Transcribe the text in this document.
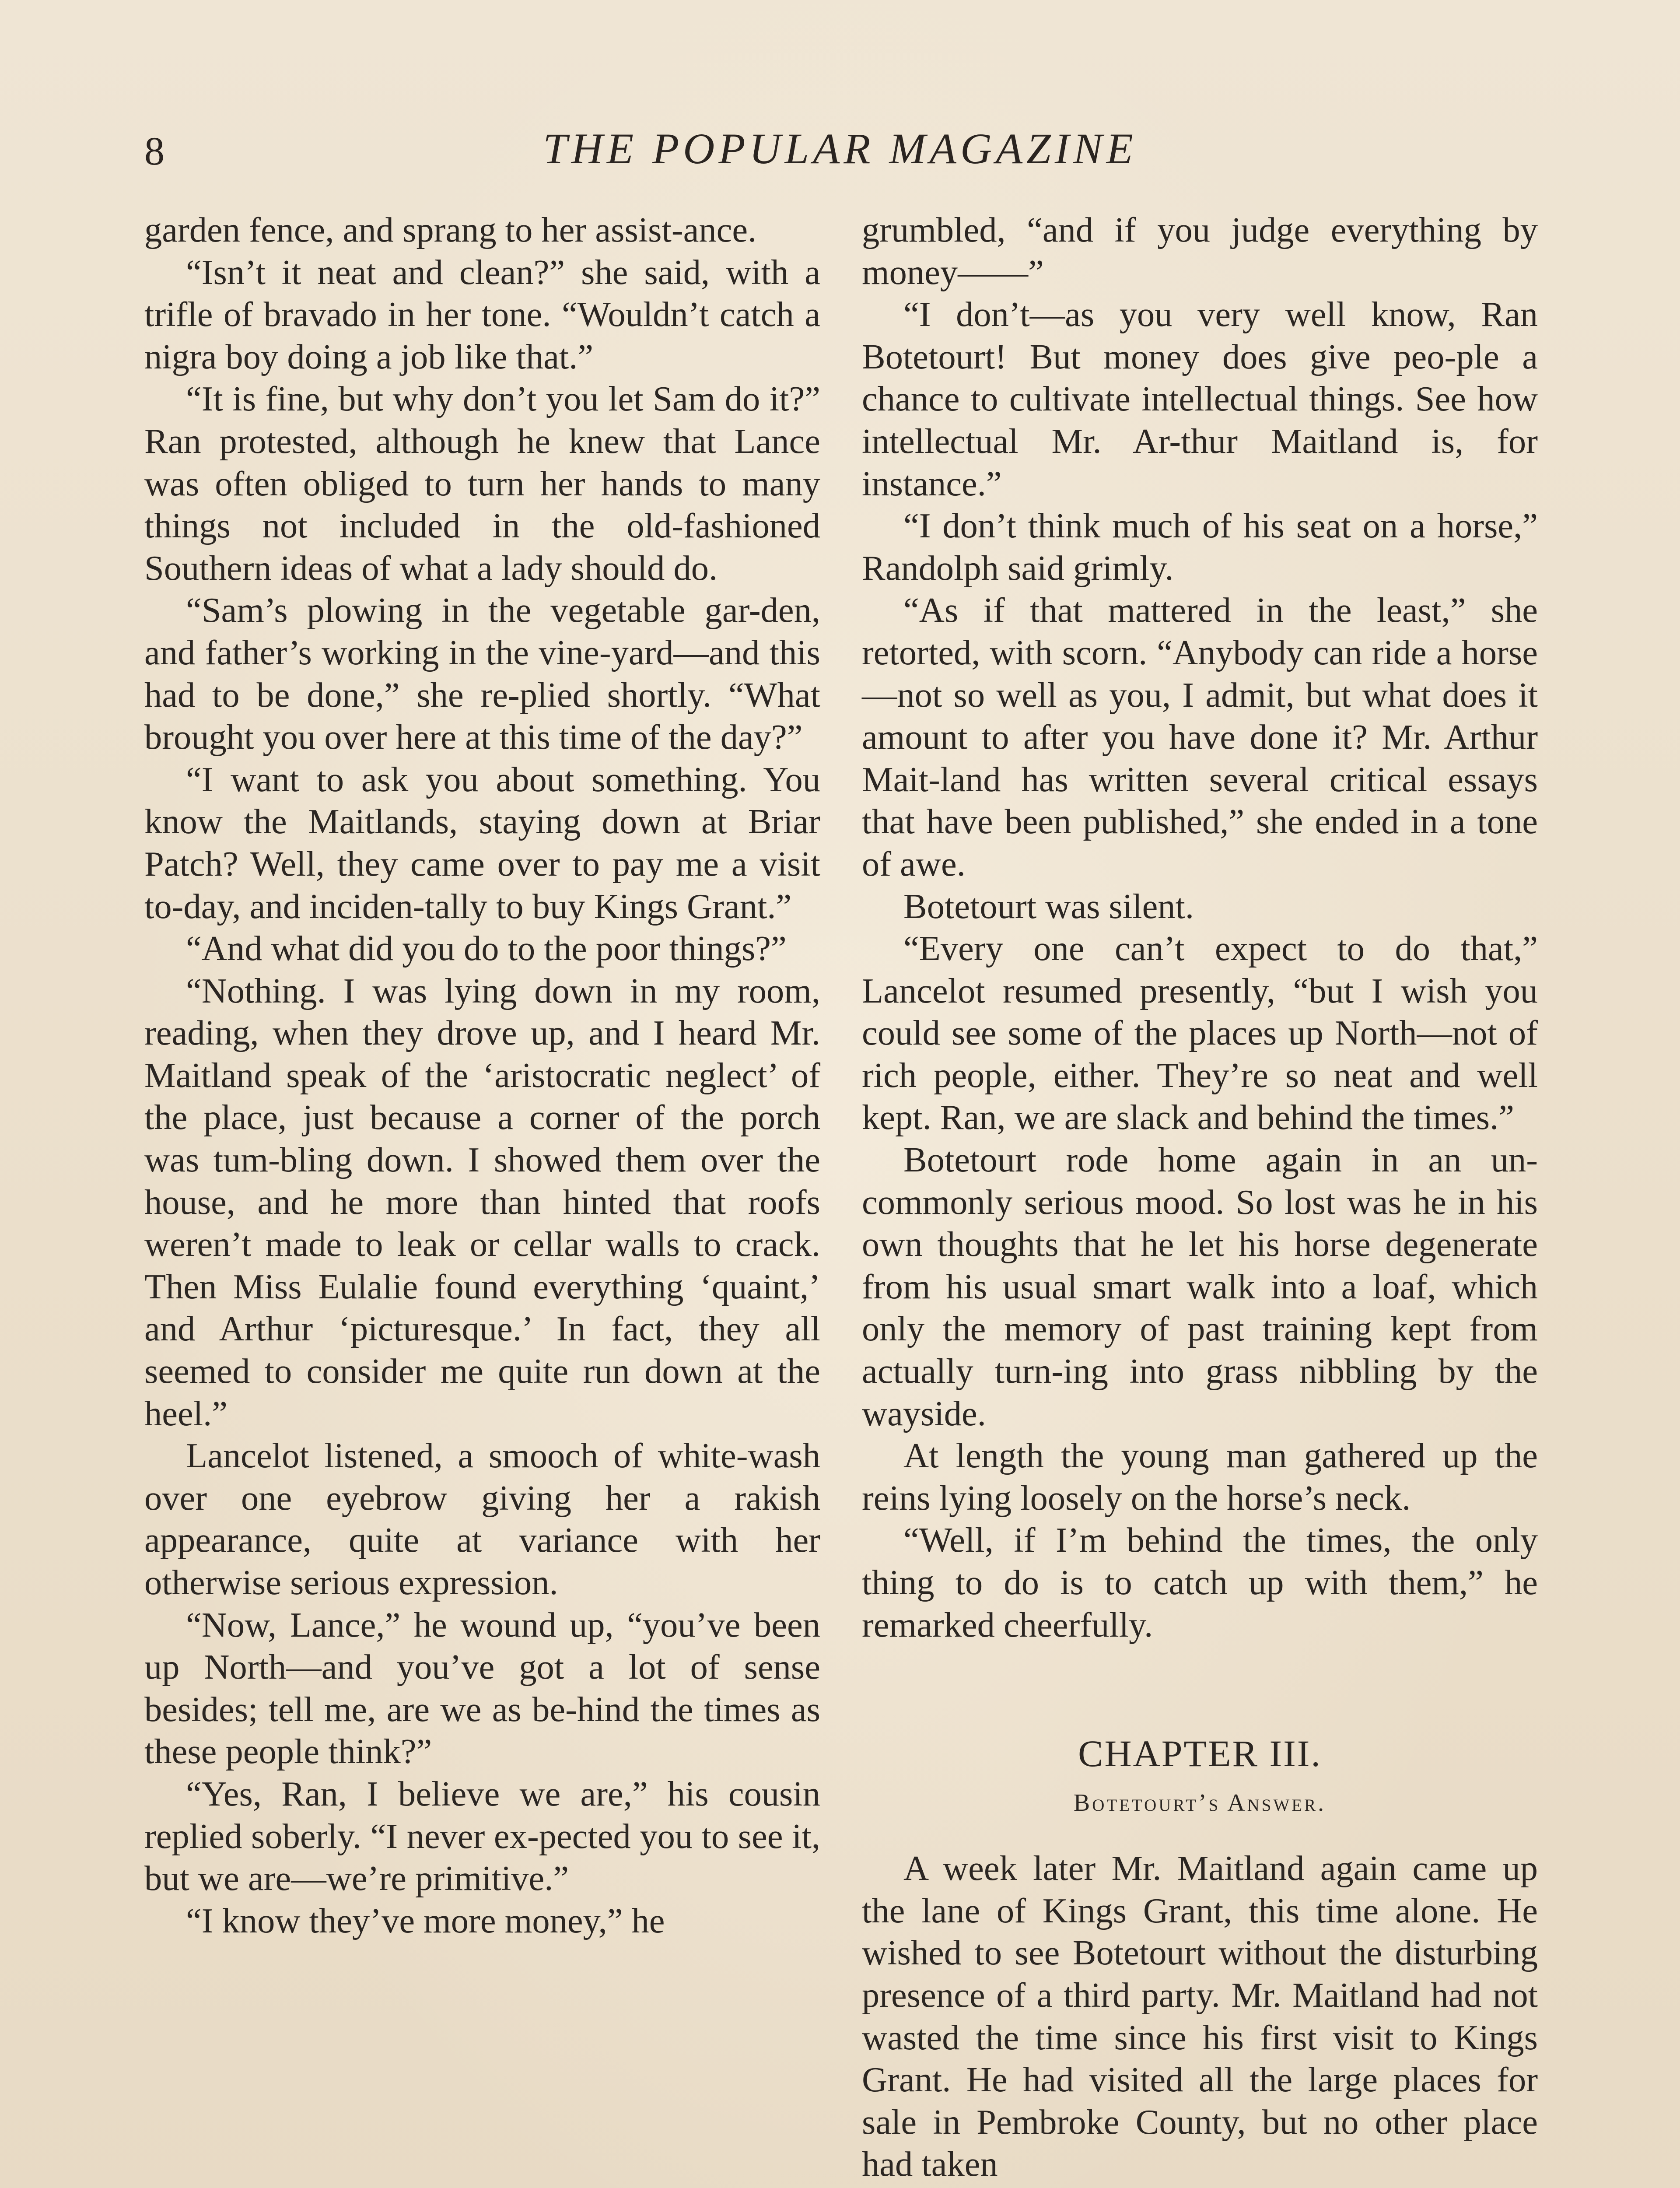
8	THE POPULAR MAGAZINE

garden fence, and sprang to her assist-ance.

“Isn’t it neat and clean?” she said, with a trifle of bravado in her tone. “Wouldn’t catch a nigra boy doing a job like that.”

“It is fine, but why don’t you let Sam do it?” Ran protested, although he knew that Lance was often obliged to turn her hands to many things not included in the old-fashioned Southern ideas of what a lady should do.

“Sam’s plowing in the vegetable gar-den, and father’s working in the vine-yard—and this had to be done,” she re-plied shortly. “What brought you over here at this time of the day?”

“I want to ask you about something. You know the Maitlands, staying down at Briar Patch? Well, they came over to pay me a visit to-day, and inciden-tally to buy Kings Grant.”

“And what did you do to the poor things?”

“Nothing. I was lying down in my room, reading, when they drove up, and I heard Mr. Maitland speak of the ‘aristocratic neglect’ of the place, just because a corner of the porch was tum-bling down. I showed them over the house, and he more than hinted that roofs weren’t made to leak or cellar walls to crack. Then Miss Eulalie found everything ‘quaint,’ and Arthur ‘picturesque.’ In fact, they all seemed to consider me quite run down at the heel.”

Lancelot listened, a smooch of white-wash over one eyebrow giving her a rakish appearance, quite at variance with her otherwise serious expression.

“Now, Lance,” he wound up, “you’ve been up North—and you’ve got a lot of sense besides; tell me, are we as be-hind the times as these people think?”

“Yes, Ran, I believe we are,” his cousin replied soberly. “I never ex-pected you to see it, but we are—we’re primitive.”

“I know they’ve more money,” he

grumbled, “and if you judge everything by money——”

“I don’t—as you very well know, Ran Botetourt! But money does give peo-ple a chance to cultivate intellectual things. See how intellectual Mr. Ar-thur Maitland is, for instance.”

“I don’t think much of his seat on a horse,” Randolph said grimly.

“As if that mattered in the least,” she retorted, with scorn. “Anybody can ride a horse—not so well as you, I admit, but what does it amount to after you have done it? Mr. Arthur Mait-land has written several critical essays that have been published,” she ended in a tone of awe.

Botetourt was silent.

“Every one can’t expect to do that,” Lancelot resumed presently, “but I wish you could see some of the places up North—not of rich people, either. They’re so neat and well kept. Ran, we are slack and behind the times.”

Botetourt rode home again in an un-commonly serious mood. So lost was he in his own thoughts that he let his horse degenerate from his usual smart walk into a loaf, which only the memory of past training kept from actually turn-ing into grass nibbling by the wayside.

At length the young man gathered up the reins lying loosely on the horse’s neck.

“Well, if I’m behind the times, the only thing to do is to catch up with them,” he remarked cheerfully.

CHAPTER III.
Botetourt’s Answer.

A week later Mr. Maitland again came up the lane of Kings Grant, this time alone. He wished to see Botetourt without the disturbing presence of a third party. Mr. Maitland had not wasted the time since his first visit to Kings Grant. He had visited all the large places for sale in Pembroke County, but no other place had taken
